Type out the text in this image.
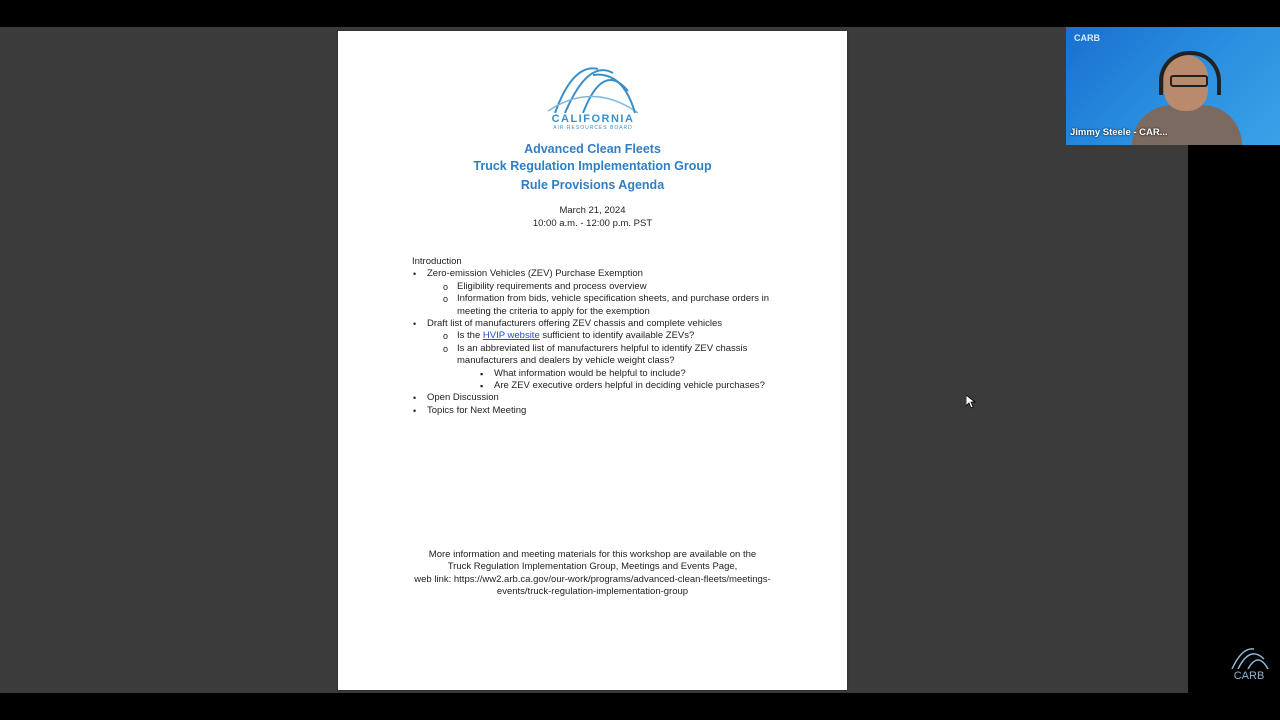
CALIFORNIA
AIR RESOURCES BOARD
Advanced Clean Fleets
Truck Regulation Implementation Group
Rule Provisions Agenda
March 21, 2024
10:00 a.m. - 12:00 p.m. PST
Introduction
• Zero-emission Vehicles (ZEV) Purchase Exemption
o Eligibility requirements and process overview
o Information from bids, vehicle specification sheets, and purchase orders in
meeting the criteria to apply for the exemption
• Draft list of manufacturers offering ZEV chassis and complete vehicles
o Is the HVIP website sufficient to identify available ZEVs?
o Is an abbreviated list of manufacturers helpful to identify ZEV chassis
manufacturers and dealers by vehicle weight class?
▪ What information would be helpful to include?
▪ Are ZEV executive orders helpful in deciding vehicle purchases?
• Open Discussion
• Topics for Next Meeting
More information and meeting materials for this workshop are available on the
Truck Regulation Implementation Group, Meetings and Events Page,
web link: https://ww2.arb.ca.gov/our-work/programs/advanced-clean-fleets/meetings-
events/truck-regulation-implementation-group
CARB
Jimmy Steele - CAR...
CARB
